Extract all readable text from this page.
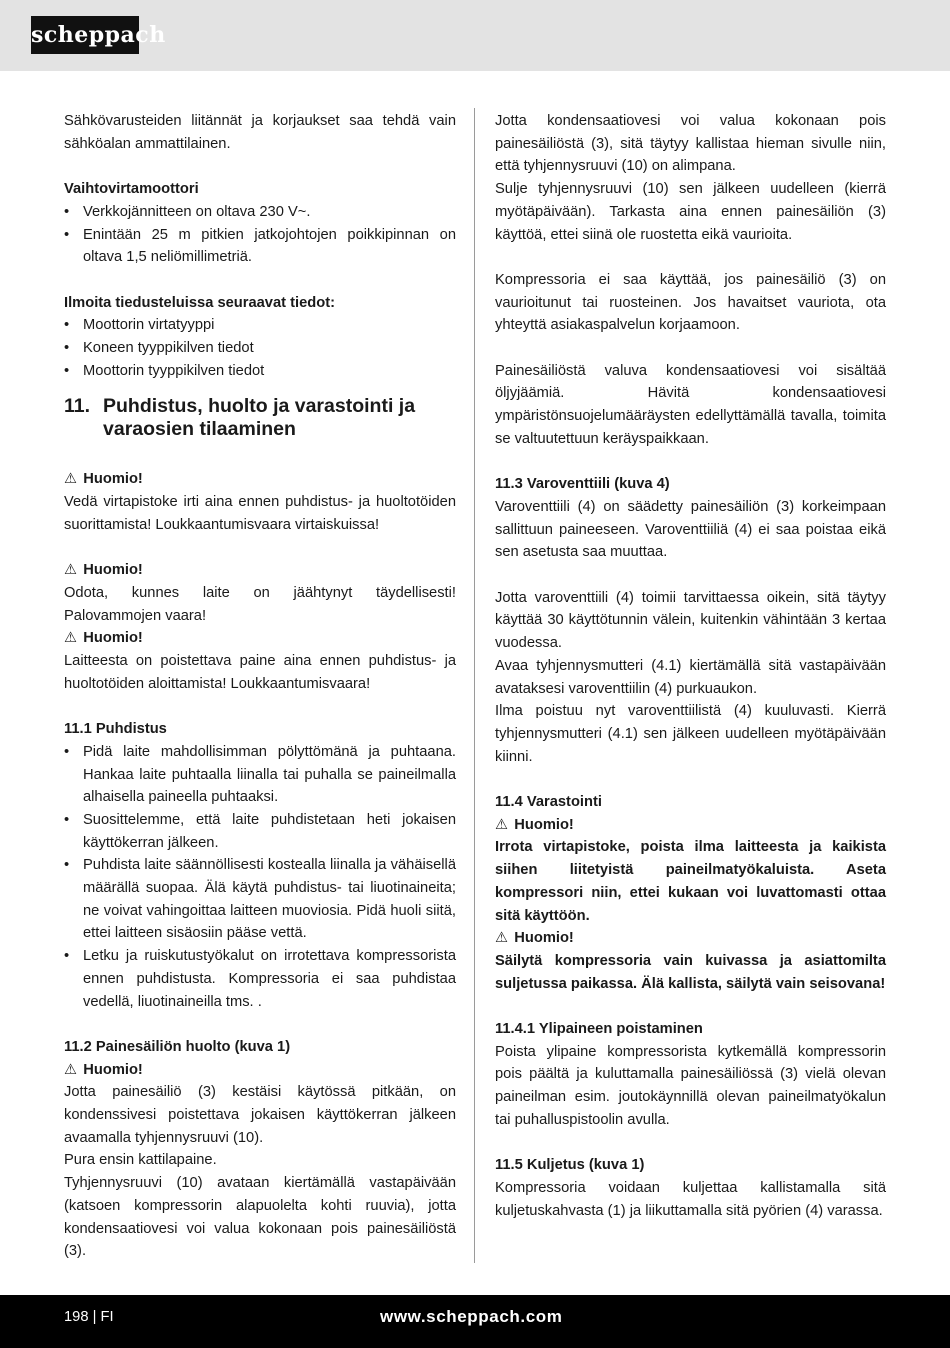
scheppach

Sähkövarusteiden liitännät ja korjaukset saa tehdä vain sähköalan ammattilainen.

Vaihtovirtamoottori

• Verkkojännitteen on oltava 230 V~.
• Enintään 25 m pitkien jatkojohtojen poikkipinnan on oltava 1,5 neliömillimetriä.

Ilmoita tiedusteluissa seuraavat tiedot:

• Moottorin virtatyyppi
• Koneen tyyppikilven tiedot
• Moottorin tyyppikilven tiedot
11. Puhdistus, huolto ja varastointi ja varaosien tilaaminen

⚠ Huomio!

Vedä virtapistoke irti aina ennen puhdistus- ja huoltotöiden suorittamista! Loukkaantumisvaara virtaiskuissa!

⚠ Huomio!

Odota, kunnes laite on jäähtynyt täydellisesti! Palovammojen vaara!

⚠ Huomio!

Laitteesta on poistettava paine aina ennen puhdistus- ja huoltotöiden aloittamista! Loukkaantumisvaara!

11.1 Puhdistus

• Pidä laite mahdollisimman pölyttömänä ja puhtaana. Hankaa laite puhtaalla liinalla tai puhalla se paineilmalla alhaisella paineella puhtaaksi.
• Suosittelemme, että laite puhdistetaan heti jokaisen käyttökerran jälkeen.
• Puhdista laite säännöllisesti kostealla liinalla ja vähäisellä määrällä suopaa. Älä käytä puhdistus- tai liuotinaineita; ne voivat vahingoittaa laitteen muoviosia. Pidä huoli siitä, ettei laitteen sisäosiin pääse vettä.
• Letku ja ruiskutustyökalut on irrotettava kompressorista ennen puhdistusta. Kompressoria ei saa puhdistaa vedellä, liuotinaineilla tms. .

11.2 Painesäiliön huolto (kuva 1)

⚠ Huomio!

Jotta painesäiliö (3) kestäisi käytössä pitkään, on kondenssivesi poistettava jokaisen käyttökerran jälkeen avaamalla tyhjennysruuvi (10).

Pura ensin kattilapaine.

Tyhjennysruuvi (10) avataan kiertämällä vastapäivään (katsoen kompressorin alapuolelta kohti ruuvia), jotta kondensaatiovesi voi valua kokonaan pois painesäiliöstä (3).

Jotta kondensaatiovesi voi valua kokonaan pois painesäiliöstä (3), sitä täytyy kallistaa hieman sivulle niin, että tyhjennysruuvi (10) on alimpana.

Sulje tyhjennysruuvi (10) sen jälkeen uudelleen (kierrä myötäpäivään). Tarkasta aina ennen painesäiliön (3) käyttöä, ettei siinä ole ruostetta eikä vaurioita.

Kompressoria ei saa käyttää, jos painesäiliö (3) on vaurioitunut tai ruosteinen. Jos havaitset vauriota, ota yhteyttä asiakaspalvelun korjaamoon.

Painesäiliöstä valuva kondensaatiovesi voi sisältää öljyjäämiä. Hävitä kondensaatiovesi ympäristönsuojelumääräysten edellyttämällä tavalla, toimita se valtuutettuun keräyspaikkaan.

11.3 Varoventtiili (kuva 4)

Varoventtiili (4) on säädetty painesäiliön (3) korkeimpaan sallittuun paineeseen. Varoventtiiliä (4) ei saa poistaa eikä sen asetusta saa muuttaa.

Jotta varoventtiili (4) toimii tarvittaessa oikein, sitä täytyy käyttää 30 käyttötunnin välein, kuitenkin vähintään 3 kertaa vuodessa.

Avaa tyhjennysmutteri (4.1) kiertämällä sitä vastapäivään avataksesi varoventtiilin (4) purkuaukon.

Ilma poistuu nyt varoventtiilistä (4) kuuluvasti. Kierrä tyhjennysmutteri (4.1) sen jälkeen uudelleen myötäpäivään kiinni.

11.4 Varastointi

⚠ Huomio!

Irrota virtapistoke, poista ilma laitteesta ja kaikista siihen liitetyistä paineilmatyökaluista. Aseta kompressori niin, ettei kukaan voi luvattomasti ottaa sitä käyttöön.

⚠ Huomio!

Säilytä kompressoria vain kuivassa ja asiattomilta suljetussa paikassa. Älä kallista, säilytä vain seisovana!

11.4.1 Ylipaineen poistaminen

Poista ylipaine kompressorista kytkemällä kompressorin pois päältä ja kuluttamalla painesäiliössä (3) vielä olevan paineilman esim. joutokäynnillä olevan paineilmatyökalun tai puhalluspistoolin avulla.

11.5 Kuljetus (kuva 1)

Kompressoria voidaan kuljettaa kallistamalla sitä kuljetuskahvasta (1) ja liikuttamalla sitä pyörien (4) varassa.

198 | FI	www.scheppach.com
